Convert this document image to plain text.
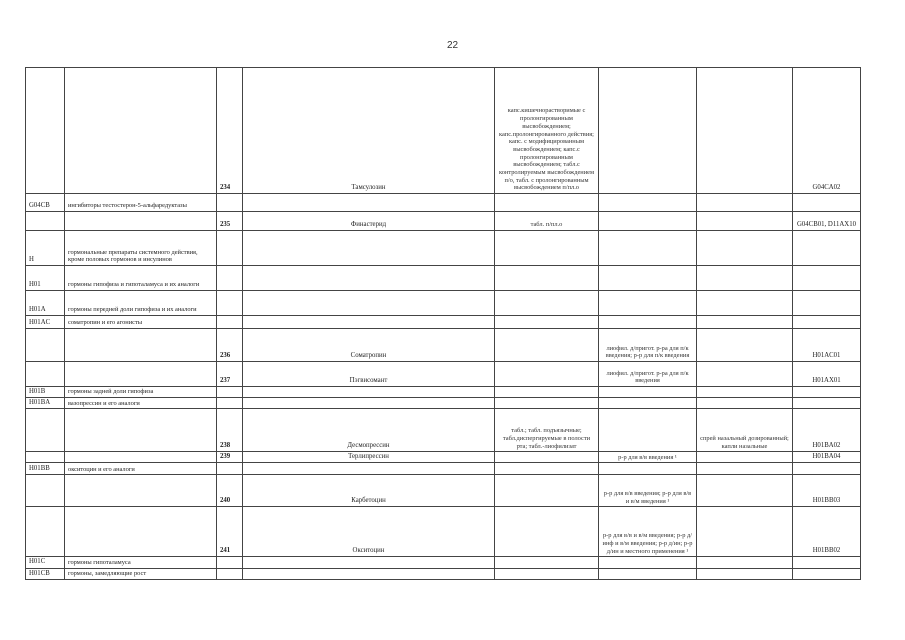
22
		234	Тамсулозин	капс.кишечнорастворимые с пролонгированным высвобождением; капс.пролонгированного действия; капс. с модифицированным высвобождением; капс.с пролонгированным высвобождением; табл.с контролируемым высвобождением п/о, табл. с пролонгированным высвобождением п/пл.о			G04CA02
G04CB	ингибиторы тестостерон-5-альфаредуктазы						
		235	Финастерид	табл. п/пл.о			G04CB01, D11AX10
H	гормональные препараты системного действия, кроме половых гормонов и инсулинов						
H01	гормоны гипофиза и гипоталамуса и их аналоги						
H01A	гормоны передней доли гипофиза и их аналоги						
H01AC	соматропин и его агонисты						
		236	Соматропин		лиофил. д/пригот. р-ра для п/к введения; р-р для п/к введения		H01AC01
		237	Пэгвисомант		лиофил. д/пригот. р-ра для п/к введения		H01AX01
H01B	гормоны задней доли гипофиза						
H01BA	вазопрессин и его аналоги						
		238	Десмопрессин	табл.; табл. подъязычные; табл.диспергируемые в полости рта; табл.-лиофилизат		спрей назальный дозированный; капли назальные	H01BA02
		239	Терлипрессин		р-р для в/в введения ¹		H01BA04
H01BB	окситоцин и его аналоги						
		240	Карбетоцин		р-р для в/в введения; р-р для в/в и в/м введения ¹		H01BB03
		241	Окситоцин		р-р для в/в и в/м введения; р-р д/инф и в/м введения; р-р д/ин; р-р д/ин и местного применения ¹		H01BB02
H01C	гормоны гипоталамуса						
H01CB	гормоны, замедляющие рост						
